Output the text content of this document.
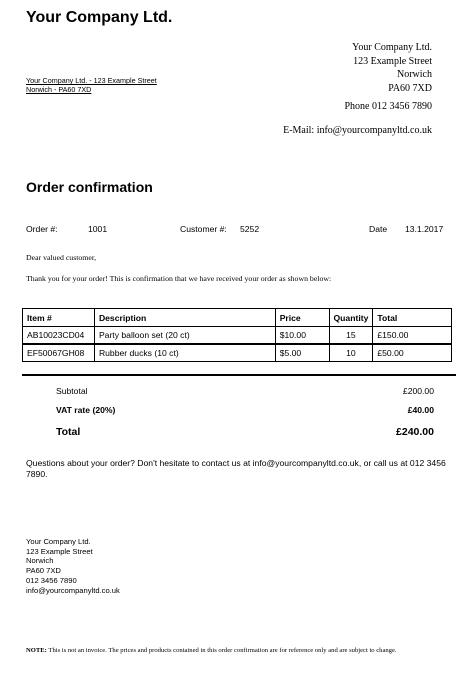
Your Company Ltd.
Your Company Ltd.
123 Example Street
Norwich
PA60 7XD
Your Company Ltd. - 123 Example Street
Norwich - PA60 7XD
Phone 012 3456 7890
E-Mail: info@yourcompanyltd.co.uk
Order confirmation
Order #:	1001	Customer #: 5252	Date 13.1.2017
Dear valued customer,
Thank you for your order! This is confirmation that we have received your order as shown below:
Item #	Description	Price	Quantity	Total
AB10023CD04	Party balloon set (20 ct)	$10.00	15	£150.00
EF50067GH08	Rubber ducks (10 ct)	$5.00	10	£50.00
Subtotal	£200.00
VAT rate (20%)	£40.00
Total	£240.00
Questions about your order? Don't hesitate to contact us at info@yourcompanyltd.co.uk, or call us at 012 3456 7890.
Your Company Ltd.
123 Example Street
Norwich
PA60 7XD
012 3456 7890
info@yourcompanyltd.co.uk
NOTE: This is not an invoice. The prices and products contained in this order confirmation are for reference only and are subject to change.
